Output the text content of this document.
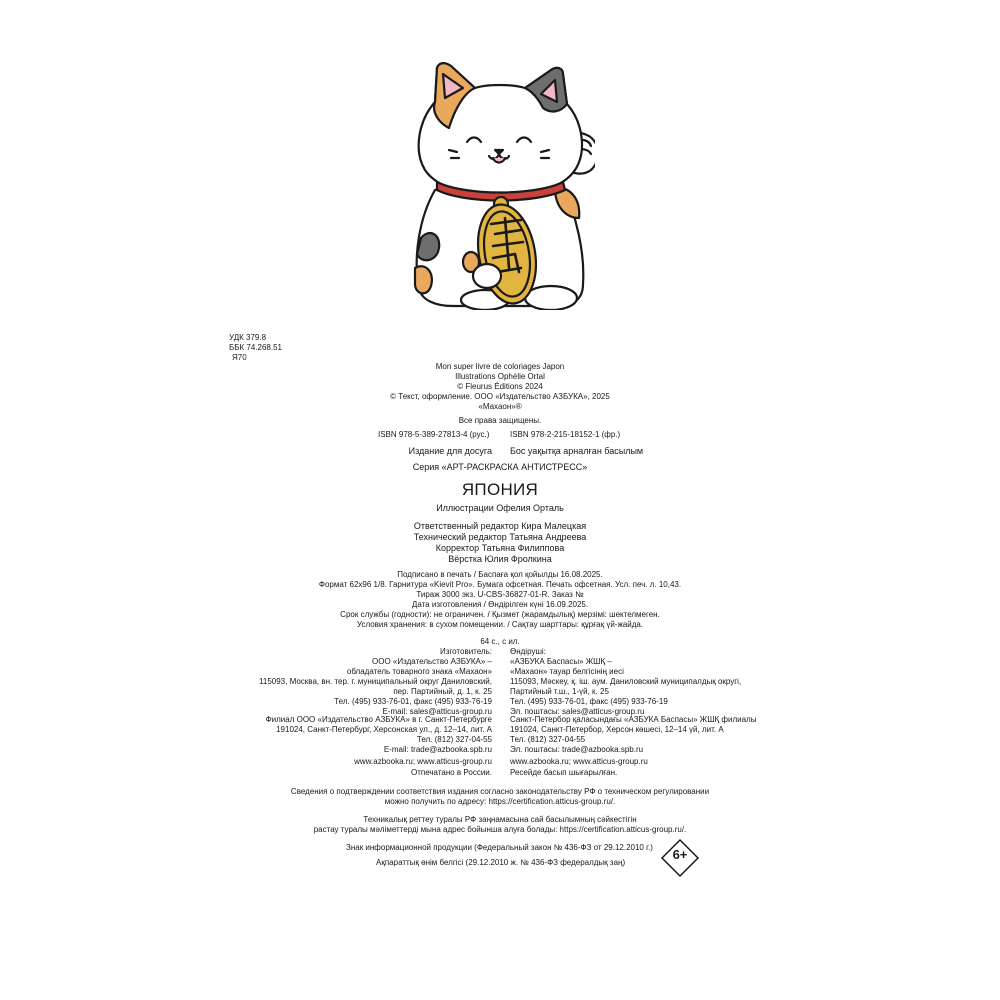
УДК 379.8
ББК 74.268.51
Я70
Mon super livre de coloriages Japon
Illustrations Ophélie Ortal
© Fleurus Éditions 2024
© Текст, оформление. ООО «Издательство АЗБУКА», 2025
«Махаон»®
Все права защищены.
ISBN 978-5-389-27813-4 (рус.)	ISBN 978-2-215-18152-1 (фр.)
Издание для досуга Бос уақытқа арналған басылым
Серия «АРТ-РАСКРАСКА АНТИСТРЕСС»
ЯПОНИЯ
Иллюстрации Офелия Орталь
Ответственный редактор Кира Малецкая
Технический редактор Татьяна Андреева
Корректор Татьяна Филиппова
Вёрстка Юлия Фролкина
Подписано в печать / Баспаға қол қойылды 16.08.2025.
Формат 62х96 1/8. Гарнитура «Kievit Pro». Бумага офсетная. Печать офсетная. Усл. печ. л. 10,43.
Тираж 3000 экз. U-CBS-36827-01-R. Заказ №
Дата изготовления / Өндірілген күні 16.09.2025.
Срок службы (годности): не ограничен. / Қызмет (жарамдылық) мерзімі: шектелмеген.
Условия хранения: в сухом помещении. / Сақтау шарттары: құрғақ үй-жайда.
64 с., с ил.
Изготовитель:
ООО «Издательство АЗБУКА» –
обладатель товарного знака «Махаон»
115093, Москва, вн. тер. г. муниципальный округ Даниловский,
пер. Партийный, д. 1, к. 25
Тел. (495) 933-76-01, факс (495) 933-76-19
E-mail: sales@atticus-group.ru
Өндіруші:
«АЗБУКА Баспасы» ЖШҚ –
«Махаон» тауар белгісінің иесі
115093, Мәскеу, қ. іш. аум. Даниловский муниципалдық округі,
Партийный т.ш., 1-үй, к. 25
Тел. (495) 933-76-01, факс (495) 933-76-19
Эл. поштасы: sales@atticus-group.ru
Филиал ООО «Издательство АЗБУКА» в г. Санкт-Петербурге
191024, Санкт-Петербург, Херсонская ул., д. 12–14, лит. А
Тел. (812) 327-04-55
E-mail: trade@azbooka.spb.ru
Санкт-Петербор қаласындағы «АЗБУКА Баспасы» ЖШҚ филиалы
191024, Санкт-Петербор, Херсон көшесі, 12–14 үй, лит. А
Тел. (812) 327-04-55
Эл. поштасы: trade@azbooka.spb.ru
www.azbooka.ru; www.atticus-group.ru www.azbooka.ru; www.atticus-group.ru
Отпечатано в России. Ресейде басып шығарылған.
Сведения о подтверждении соответствия издания согласно законодательству РФ о техническом регулировании
можно получить по адресу: https://certification.atticus-group.ru/.
Техникалық реттеу туралы РФ заңнамасына сай басылымның сәйкестігін
растау туралы мәліметтерді мына адрес бойынша алуға болады: https://certification.atticus-group.ru/.
Знак информационной продукции (Федеральный закон № 436-ФЗ от 29.12.2010 г.)
Ақпараттық өнім белгісі (29.12.2010 ж. № 436-ФЗ федералдық заң)
6+
